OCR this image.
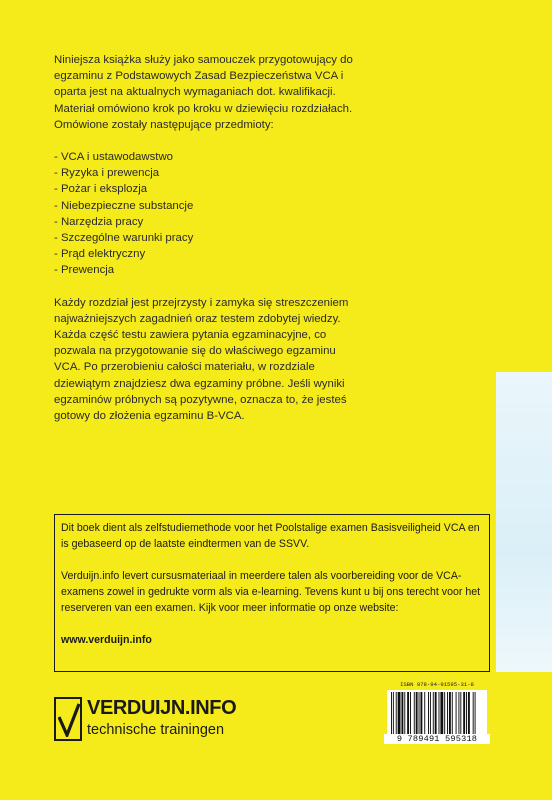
Niniejsza książka służy jako samouczek przygotowujący do egzaminu z Podstawowych Zasad Bezpieczeństwa VCA i oparta jest na aktualnych wymaganiach dot. kwalifikacji. Materiał omówiono krok po kroku w dziewięciu rozdziałach. Omówione zostały następujące przedmioty:

- VCA i ustawodawstwo
- Ryzyka i prewencja
- Pożar i eksplozja
- Niebezpieczne substancje
- Narzędzia pracy
- Szczególne warunki pracy
- Prąd elektryczny
- Prewencja

Każdy rozdział jest przejrzysty i zamyka się streszczeniem najważniejszych zagadnień oraz testem zdobytej wiedzy. Każda część testu zawiera pytania egzaminacyjne, co pozwala na przygotowanie się do właściwego egzaminu VCA. Po przerobieniu całości materiału, w rozdziale dziewiątym znajdziesz dwa egzaminy próbne. Jeśli wyniki egzaminów próbnych są pozytywne, oznacza to, że jesteś gotowy do złożenia egzaminu B-VCA.

Dit boek dient als zelfstudiemethode voor het Poolstalige examen Basisveiligheid VCA en is gebaseerd op de laatste eindtermen van de SSVV.

Verduijn.info levert cursusmateriaal in meerdere talen als voorbereiding voor de VCA-examens zowel in gedrukte vorm als via e-learning. Tevens kunt u bij ons terecht voor het reserveren van een examen. Kijk voor meer informatie op onze website:

www.verduijn.info

VERDUIJN.INFO
technische trainingen
ISBN 978-94-91595-31-8
9 789491 595318
